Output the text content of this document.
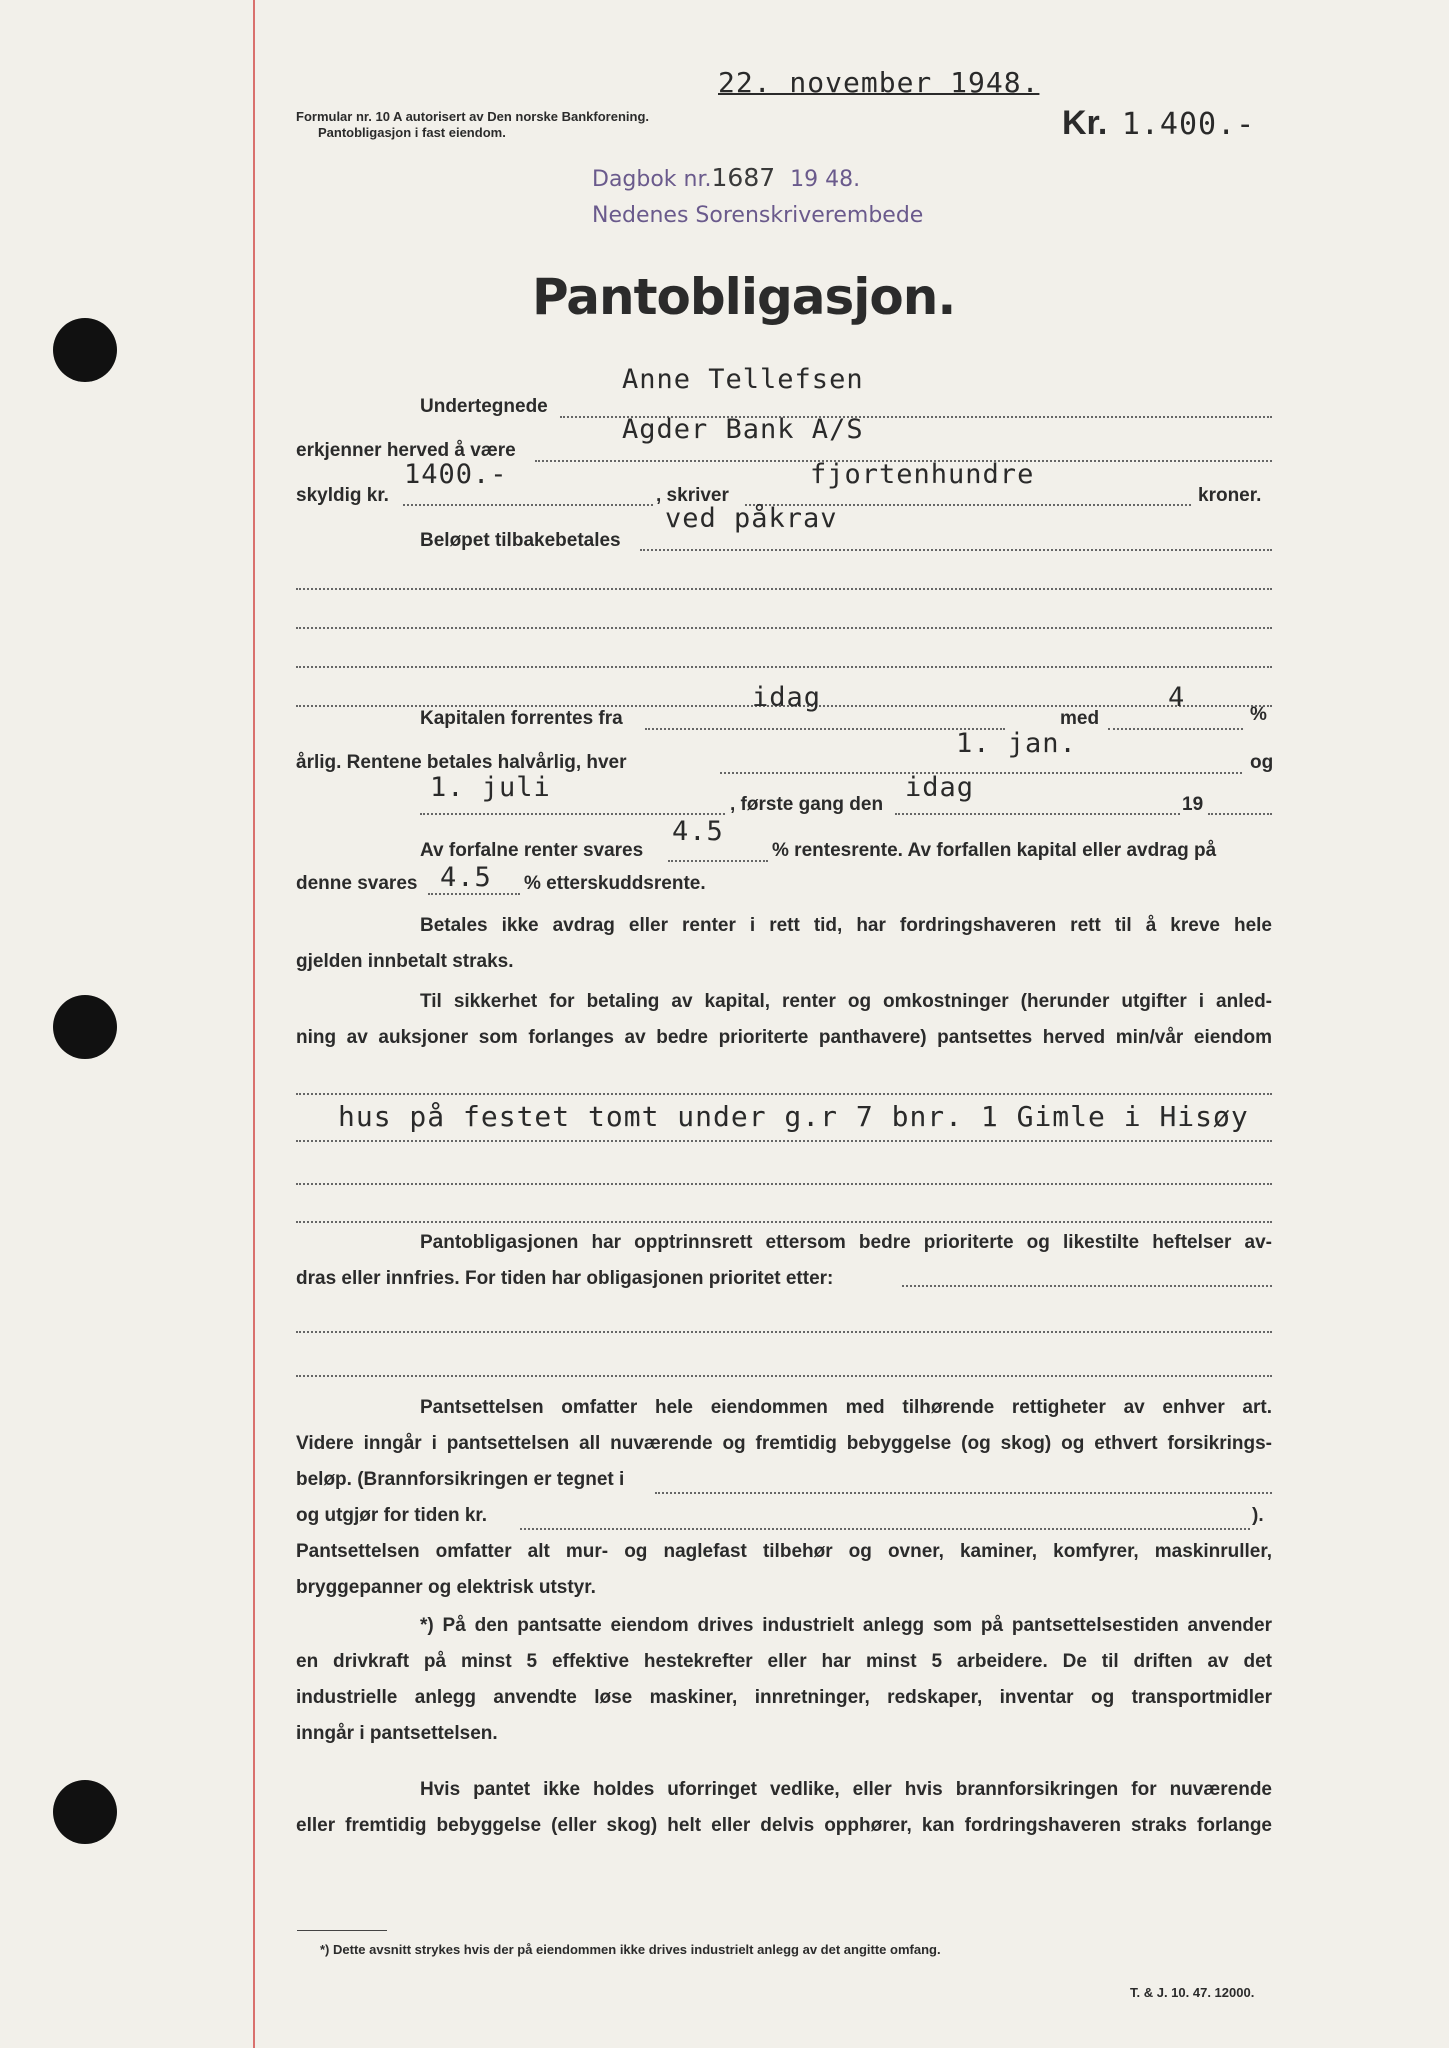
Formular nr. 10 A autorisert av Den norske Bankforening.
Pantobligasjon i fast eiendom.
22. november 1948.
Kr. 1.400.-
Dagbok nr.1687 19 48.
Nedenes Sorenskriverembede
Pantobligasjon.
Undertegnede
Anne Tellefsen
erkjenner herved å være
Agder Bank A/S
skyldig kr.
1400.-
, skriver
fjortenhundre
kroner.
Beløpet tilbakebetales
ved påkrav
Kapitalen forrentes fra
idag
med
4
%
årlig. Rentene betales halvårlig, hver
1. jan.
og
1. juli
, første gang den
idag
19
Av forfalne renter svares
4.5
% rentesrente. Av forfallen kapital eller avdrag på
denne svares 4.5 % etterskuddsrente.
Betales ikke avdrag eller renter i rett tid, har fordringshaveren rett til å kreve hele
gjelden innbetalt straks.
Til sikkerhet for betaling av kapital, renter og omkostninger (herunder utgifter i anled-
ning av auksjoner som forlanges av bedre prioriterte panthavere) pantsettes herved min/vår eiendom
hus på festet tomt under g.r 7 bnr. 1 Gimle i Hisøy
Pantobligasjonen har opptrinnsrett ettersom bedre prioriterte og likestilte heftelser av-
dras eller innfries. For tiden har obligasjonen prioritet etter:
Pantsettelsen omfatter hele eiendommen med tilhørende rettigheter av enhver art.
Videre inngår i pantsettelsen all nuværende og fremtidig bebyggelse (og skog) og ethvert forsikrings-
beløp. (Brannforsikringen er tegnet i
og utgjør for tiden kr.	).
Pantsettelsen omfatter alt mur- og naglefast tilbehør og ovner, kaminer, komfyrer, maskinruller,
bryggepanner og elektrisk utstyr.
*) På den pantsatte eiendom drives industrielt anlegg som på pantsettelsestiden anvender
en drivkraft på minst 5 effektive hestekrefter eller har minst 5 arbeidere. De til driften av det
industrielle anlegg anvendte løse maskiner, innretninger, redskaper, inventar og transportmidler
inngår i pantsettelsen.
Hvis pantet ikke holdes uforringet vedlike, eller hvis brannforsikringen for nuværende
eller fremtidig bebyggelse (eller skog) helt eller delvis opphører, kan fordringshaveren straks forlange
*) Dette avsnitt strykes hvis der på eiendommen ikke drives industrielt anlegg av det angitte omfang.
T. & J. 10. 47. 12000.
